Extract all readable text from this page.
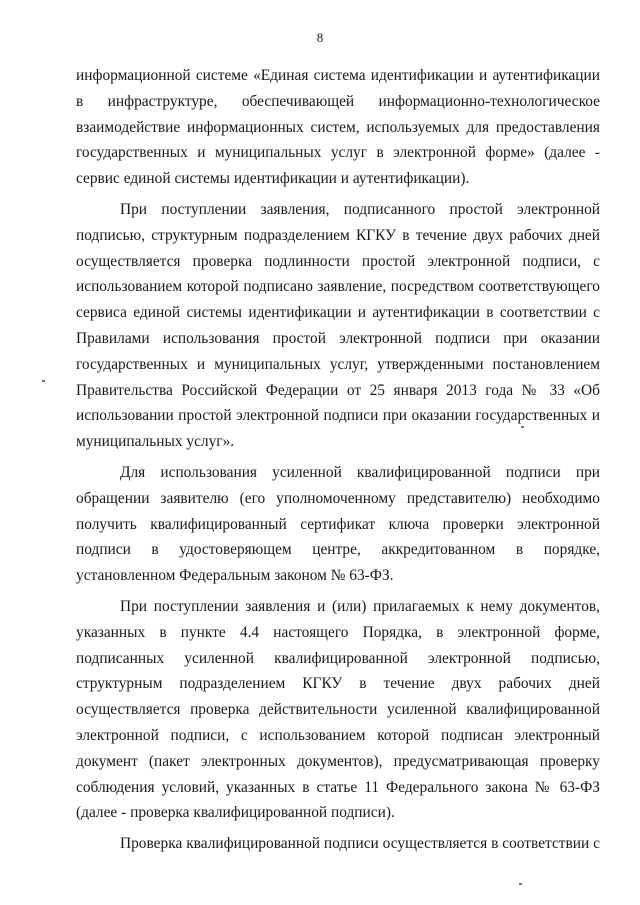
8
информационной системе «Единая система идентификации и аутентификации
в инфраструктуре, обеспечивающей информационно-технологическое
взаимодействие информационных систем, используемых для предоставления
государственных и муниципальных услуг в электронной форме» (далее -
сервис единой системы идентификации и аутентификации).
При поступлении заявления, подписанного простой электронной
подписью, структурным подразделением КГКУ в течение двух рабочих дней
осуществляется проверка подлинности простой электронной подписи, с
использованием которой подписано заявление, посредством соответствующего
сервиса единой системы идентификации и аутентификации в соответствии с
Правилами использования простой электронной подписи при оказании
государственных и муниципальных услуг, утвержденными постановлением
Правительства Российской Федерации от 25 января 2013 года № 33 «Об
использовании простой электронной подписи при оказании государственных и
муниципальных услуг».
Для использования усиленной квалифицированной подписи при
обращении заявителю (его уполномоченному представителю) необходимо
получить квалифицированный сертификат ключа проверки электронной
подписи в удостоверяющем центре, аккредитованном в порядке,
установленном Федеральным законом № 63-ФЗ.
При поступлении заявления и (или) прилагаемых к нему документов,
указанных в пункте 4.4 настоящего Порядка, в электронной форме,
подписанных усиленной квалифицированной электронной подписью,
структурным подразделением КГКУ в течение двух рабочих дней
осуществляется проверка действительности усиленной квалифицированной
электронной подписи, с использованием которой подписан электронный
документ (пакет электронных документов), предусматривающая проверку
соблюдения условий, указанных в статье 11 Федерального закона № 63-ФЗ
(далее - проверка квалифицированной подписи).
Проверка квалифицированной подписи осуществляется в соответствии с
